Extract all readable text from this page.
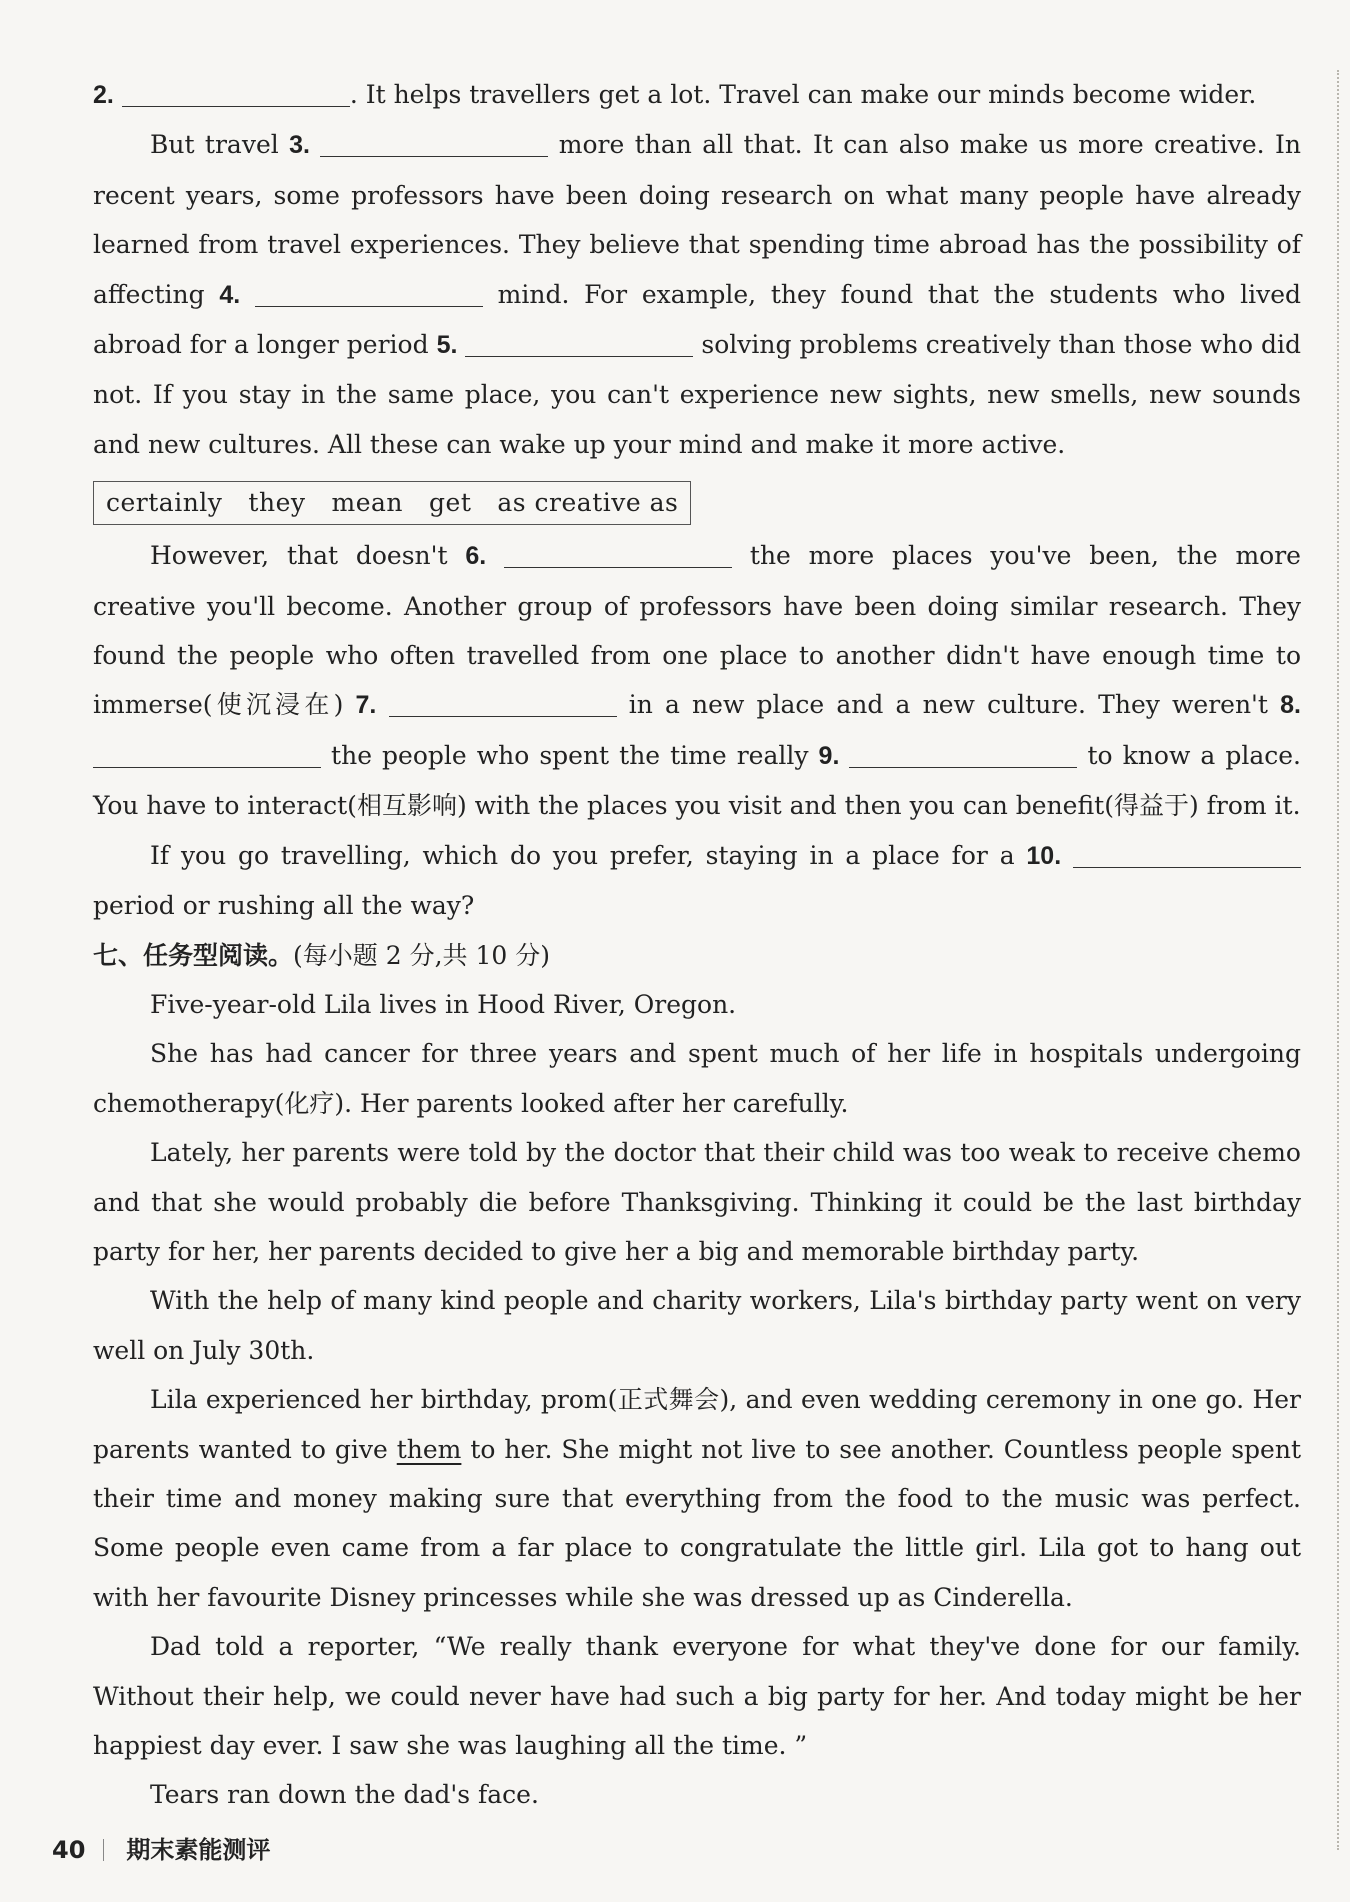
2.	. It helps travellers get a lot. Travel can make our minds become wider.

But travel 3.	more than all that. It can also make us more creative. In recent years, some professors have been doing research on what many people have already learned from travel experiences. They believe that spending time abroad has the possibility of affecting 4.	mind. For example, they found that the students who lived abroad for a longer period 5.	solving problems creatively than those who did not. If you stay in the same place, you can't experience new sights, new smells, new sounds and new cultures. All these can wake up your mind and make it more active.

certainly they mean get as creative as

However, that doesn't 6.	the more places you've been, the more creative you'll become. Another group of professors have been doing similar research. They found the people who often travelled from one place to another didn't have enough time to immerse(使沉浸在) 7.	in a new place and a new culture. They weren't 8.  the people who spent the time really 9.	to know a place. You have to interact(相互影响) with the places you visit and then you can benefit(得益于) from it.

If you go travelling, which do you prefer, staying in a place for a 10.  period or rushing all the way?

七、任务型阅读。(每小题 2 分,共 10 分)

Five-year-old Lila lives in Hood River, Oregon.

She has had cancer for three years and spent much of her life in hospitals undergoing chemotherapy(化疗). Her parents looked after her carefully.

Lately, her parents were told by the doctor that their child was too weak to receive chemo and that she would probably die before Thanksgiving. Thinking it could be the last birthday party for her, her parents decided to give her a big and memorable birthday party.

With the help of many kind people and charity workers, Lila's birthday party went on very well on July 30th.

Lila experienced her birthday, prom(正式舞会), and even wedding ceremony in one go. Her parents wanted to give them to her. She might not live to see another. Countless people spent their time and money making sure that everything from the food to the music was perfect. Some people even came from a far place to congratulate the little girl. Lila got to hang out with her favourite Disney princesses while she was dressed up as Cinderella.

Dad told a reporter, “We really thank everyone for what they've done for our family. Without their help, we could never have had such a big party for her. And today might be her happiest day ever. I saw she was laughing all the time. ”

Tears ran down the dad's face.

40 期末素能测评
